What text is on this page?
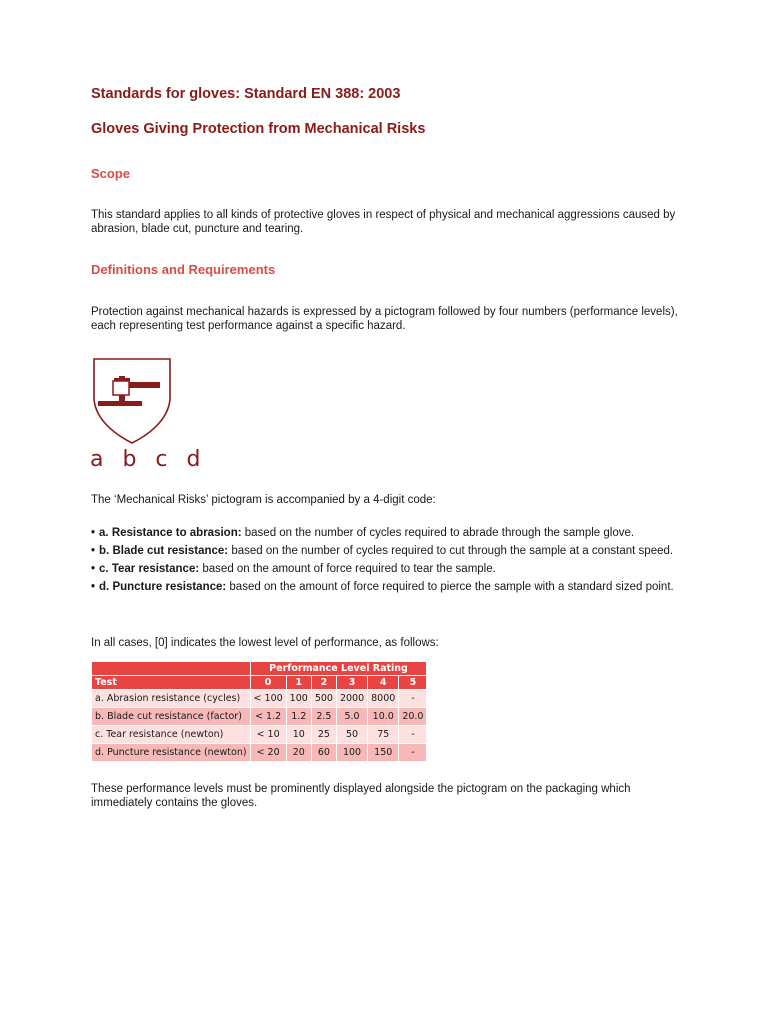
Standards for gloves: Standard EN 388: 2003
Gloves Giving Protection from Mechanical Risks
Scope

This standard applies to all kinds of protective gloves in respect of physical and mechanical aggressions caused by abrasion, blade cut, puncture and tearing.

Definitions and Requirements

Protection against mechanical hazards is expressed by a pictogram followed by four numbers (performance levels), each representing test performance against a specific hazard.

a b c d

The ‘Mechanical Risks’ pictogram is accompanied by a 4-digit code:

• a. Resistance to abrasion: based on the number of cycles required to abrade through the sample glove.
• b. Blade cut resistance: based on the number of cycles required to cut through the sample at a constant speed.
• c. Tear resistance: based on the amount of force required to tear the sample.
• d. Puncture resistance: based on the amount of force required to pierce the sample with a standard sized point.

In all cases, [0] indicates the lowest level of performance, as follows:

	Performance Level Rating					
Test	0	1	2	3	4	5
a. Abrasion resistance (cycles)	< 100	100	500	2000	8000	-
b. Blade cut resistance (factor)	< 1.2	1.2	2.5	5.0	10.0	20.0
c. Tear resistance (newton)	< 10	10	25	50	75	-
d. Puncture resistance (newton)	< 20	20	60	100	150	-

These performance levels must be prominently displayed alongside the pictogram on the packaging which immediately contains the gloves.
